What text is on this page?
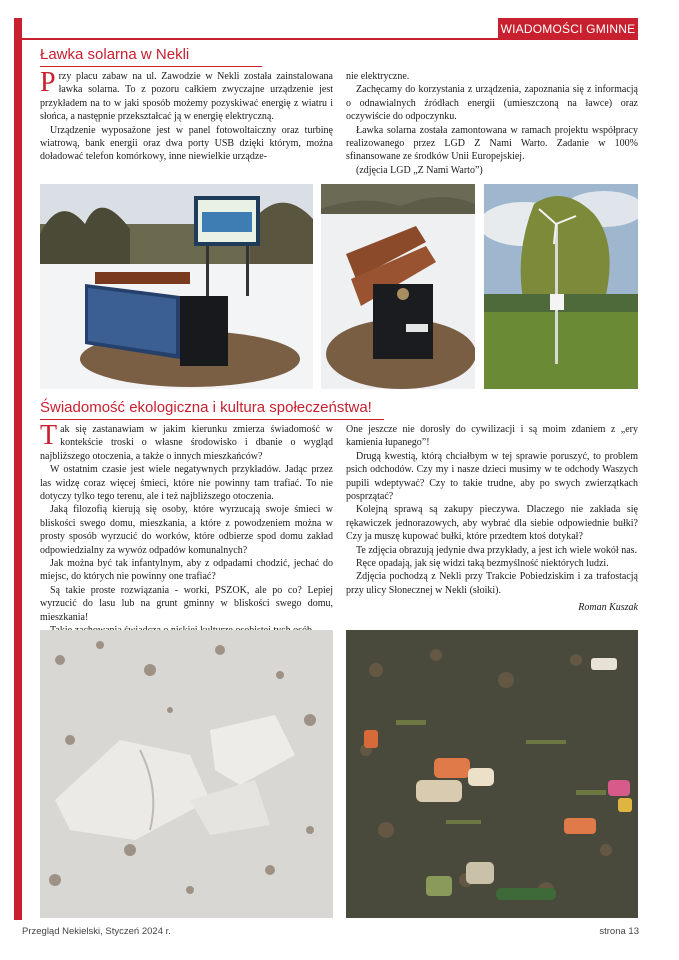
WIADOMOŚCI GMINNE
Ławka solarna w Nekli

Przy placu zabaw na ul. Zawodzie w Nekli została zainstalowana ławka solarna. To z pozoru całkiem zwyczajne urządzenie jest przykładem na to w jaki sposób możemy pozyskiwać energię z wiatru i słońca, a następnie przekształcać ją w energię elektryczną.

Urządzenie wyposażone jest w panel fotowoltaiczny oraz turbinę wiatrową, bank energii oraz dwa porty USB dzięki którym, można doładować telefon komórkowy, inne niewielkie urządze-

nie elektryczne.

Zachęcamy do korzystania z urządzenia, zapoznania się z informacją o odnawialnych źródłach energii (umieszczoną na ławce) oraz oczywiście do odpoczynku.

Ławka solarna została zamontowana w ramach projektu współpracy realizowanego przez LGD Z Nami Warto. Zadanie w 100% sfinansowane ze środków Unii Europejskiej.

(zdjęcia LGD „Z Nami Warto”)

Świadomość ekologiczna i kultura społeczeństwa!

Tak się zastanawiam w jakim kierunku zmierza świadomość w kontekście troski o własne środowisko i dbanie o wygląd najbliższego otoczenia, a także o innych mieszkańców?

W ostatnim czasie jest wiele negatywnych przykładów. Jadąc przez las widzę coraz więcej śmieci, które nie powinny tam trafiać. To nie dotyczy tylko tego terenu, ale i też najbliższego otoczenia.

Jaką filozofią kierują się osoby, które wyrzucają swoje śmieci w bliskości swego domu, mieszkania, a które z powodzeniem można w prosty sposób wyrzucić do worków, które odbierze spod domu zakład odpowiedzialny za wywóz odpadów komunalnych?

Jak można być tak infantylnym, aby z odpadami chodzić, jechać do miejsc, do których nie powinny one trafiać?

Są takie proste rozwiązania - worki, PSZOK, ale po co? Lepiej wyrzucić do lasu lub na grunt gminny w bliskości swego domu, mieszkania!

One jeszcze nie dorosły do cywilizacji i są moim zdaniem z „ery kamienia łupanego”!

Drugą kwestią, którą chciałbym w tej sprawie poruszyć, to problem psich odchodów. Czy my i nasze dzieci musimy w te odchody Waszych pupili wdeptywać? Czy to takie trudne, aby po swych zwierzątkach posprzątać?

Kolejną sprawą są zakupy pieczywa. Dlaczego nie zakłada się rękawiczek jednorazowych, aby wybrać dla siebie odpowiednie bułki? Czy ja muszę kupować bułki, które przedtem ktoś dotykał?

Te zdjęcia obrazują jedynie dwa przykłady, a jest ich wiele wokół nas.

Ręce opadają, jak się widzi taką bezmyślność niektórych ludzi.

Zdjęcia pochodzą z Nekli przy Trakcie Pobiedziskim i za trafostacją przy ulicy Słonecznej w Nekli (słoiki).

Roman Kuszak

Przegląd Nekielski, Styczeń 2024 r.	strona 13
